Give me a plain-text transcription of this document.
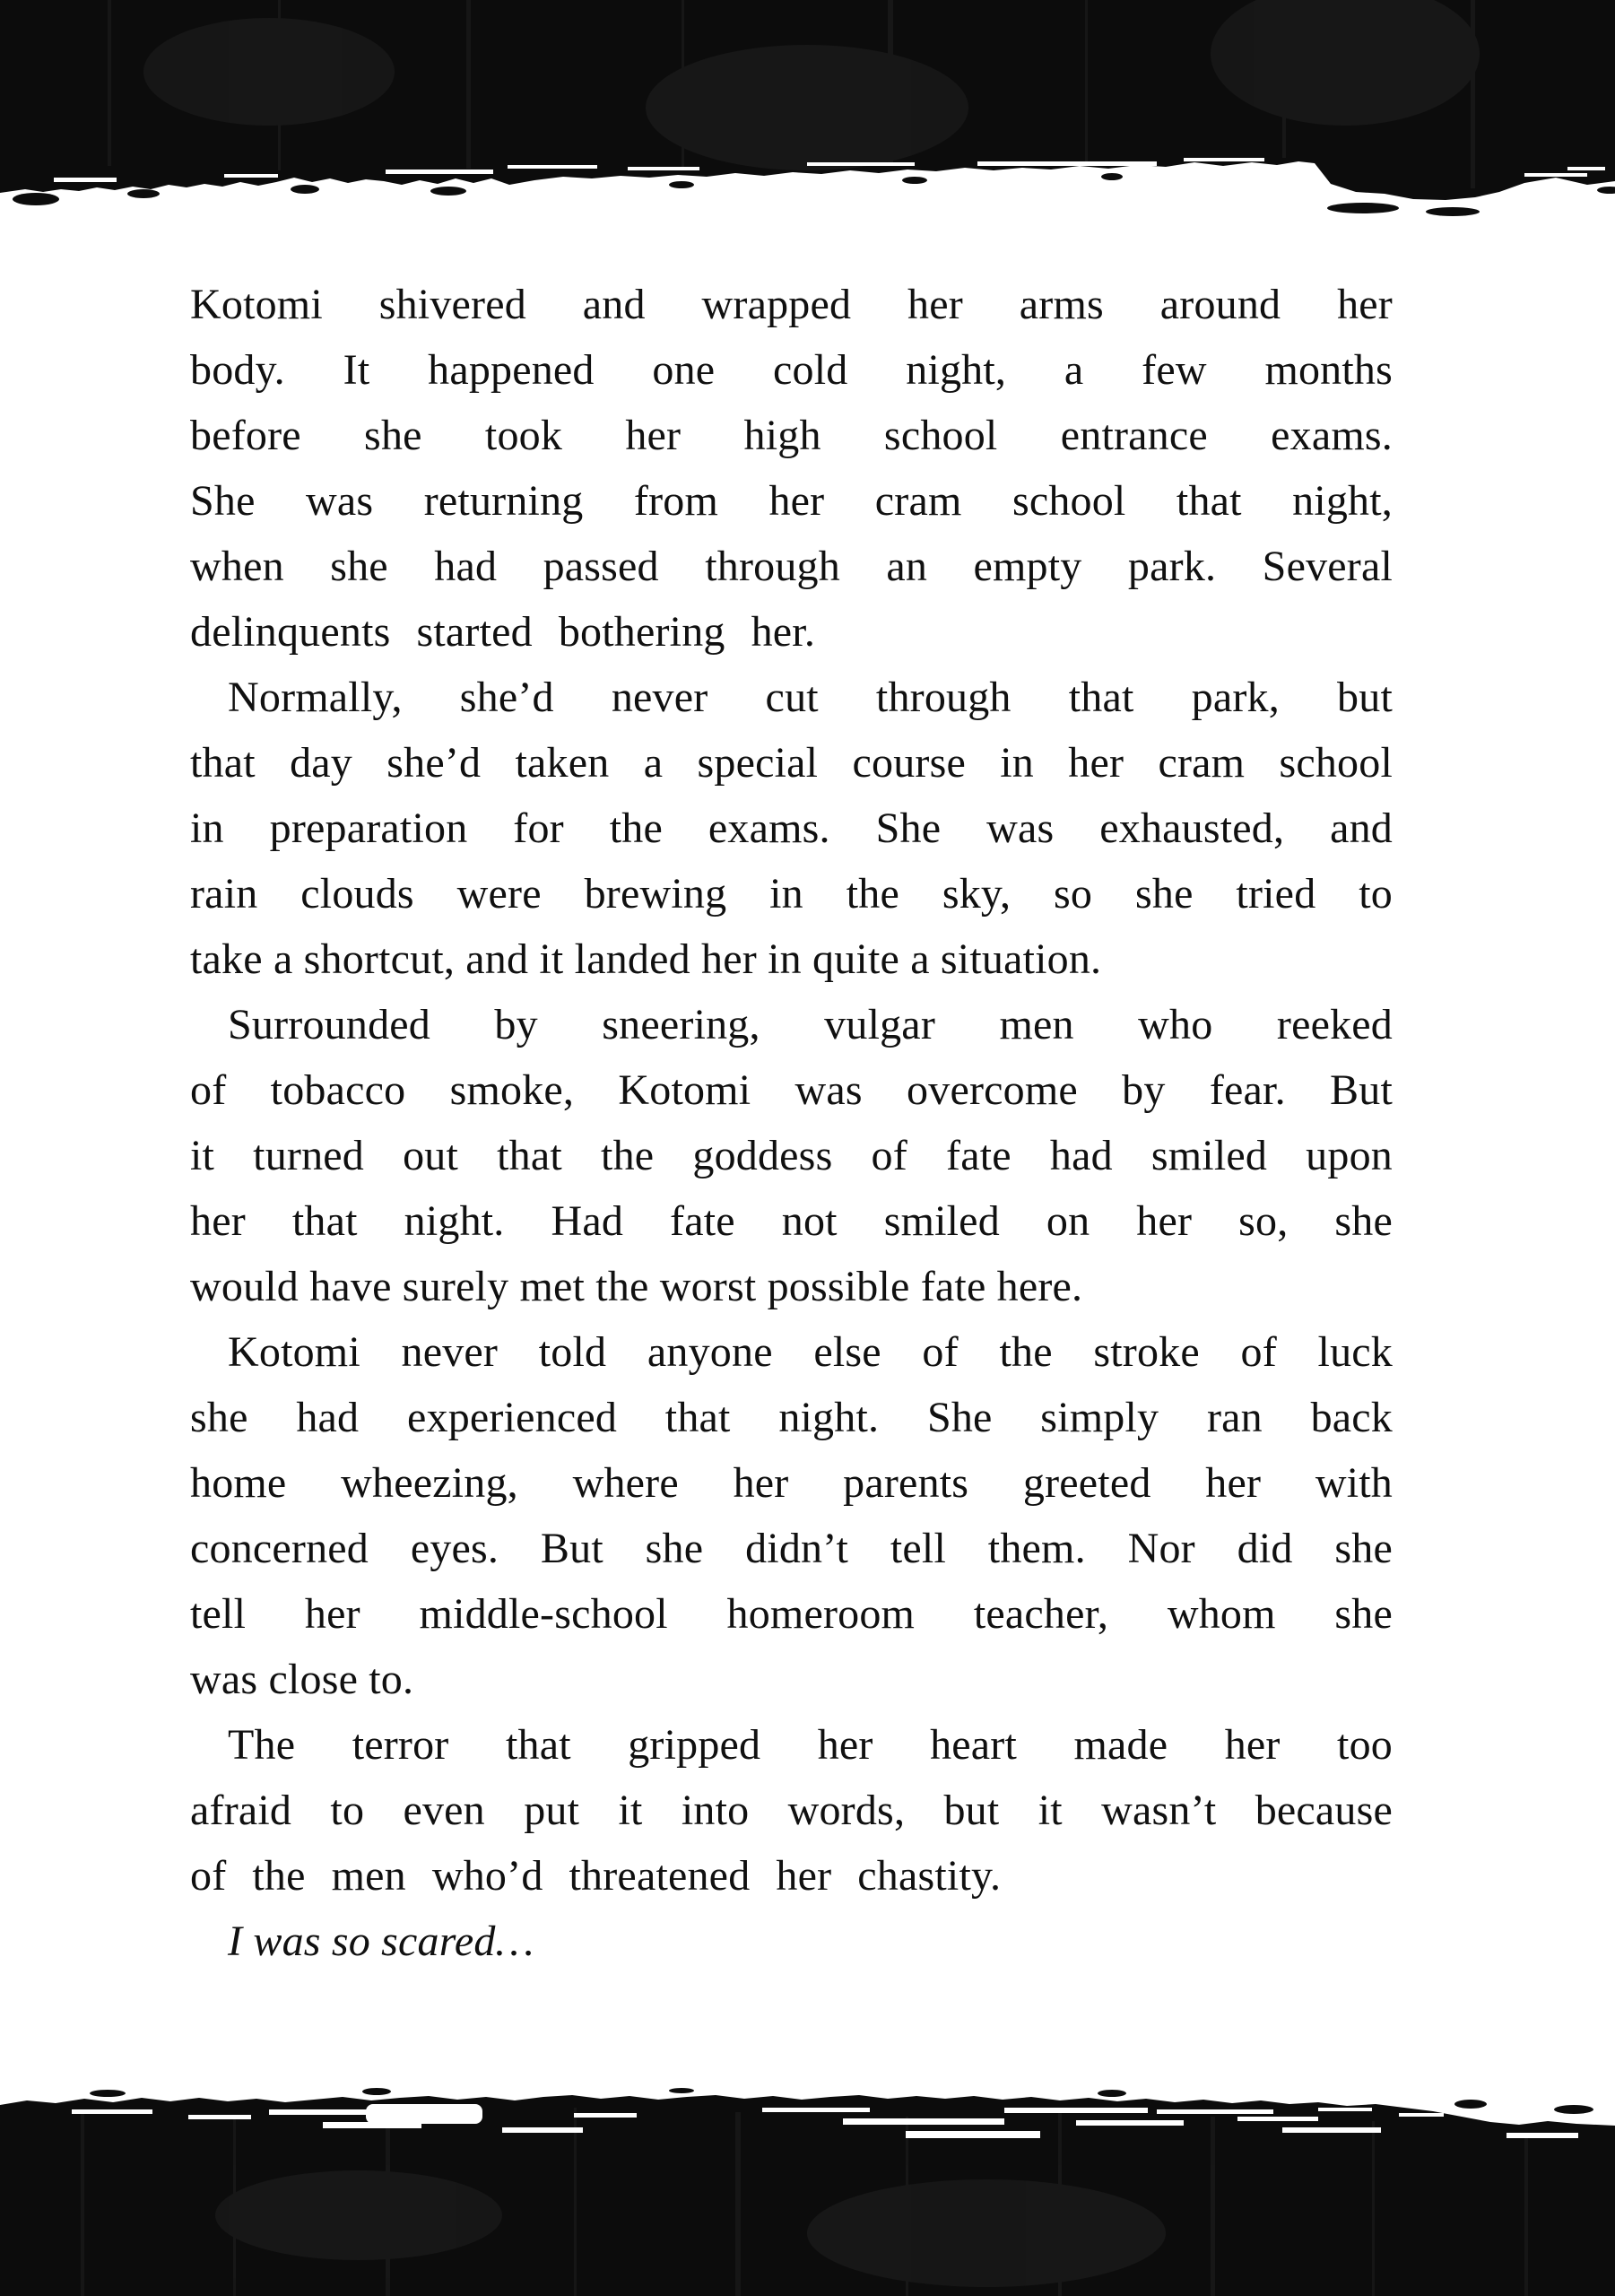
Kotomi shivered and wrapped her arms around her
body. It happened one cold night, a few months
before she took her high school entrance exams.
She was returning from her cram school that night,
when she had passed through an empty park. Several
delinquents started bothering her.
Normally, she’d never cut through that park, but
that day she’d taken a special course in her cram school
in preparation for the exams. She was exhausted, and
rain clouds were brewing in the sky, so she tried to
take a shortcut, and it landed her in quite a situation.
Surrounded by sneering, vulgar men who reeked
of tobacco smoke, Kotomi was overcome by fear. But
it turned out that the goddess of fate had smiled upon
her that night. Had fate not smiled on her so, she
would have surely met the worst possible fate here.
Kotomi never told anyone else of the stroke of luck
she had experienced that night. She simply ran back
home wheezing, where her parents greeted her with
concerned eyes. But she didn’t tell them. Nor did she
tell her middle-school homeroom teacher, whom she
was close to.
The terror that gripped her heart made her too
afraid to even put it into words, but it wasn’t because
of the men who’d threatened her chastity.
I was so scared…
